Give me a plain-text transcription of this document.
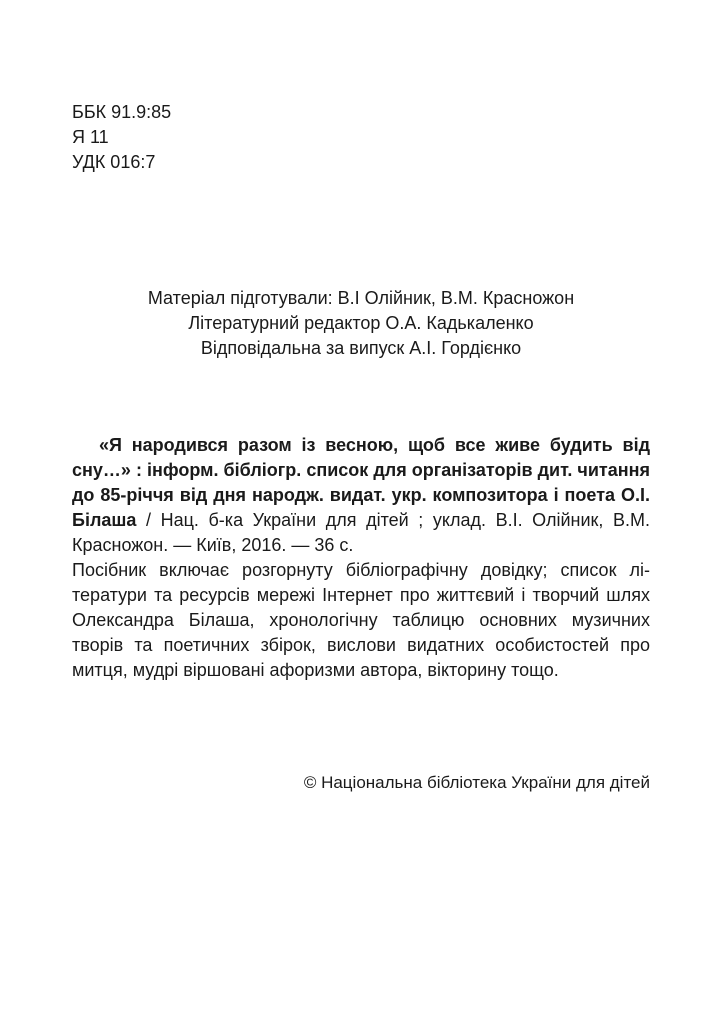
ББК 91.9:85
Я 11
УДК 016:7
Матеріал підготували: В.І Олійник, В.М. Красножон
Літературний редактор О.А. Кадькаленко
Відповідальна за випуск А.І. Гордієнко

«Я народився разом із весною, щоб все живе будить від сну…» : інформ. бібліогр. список для організаторів дит. читання до 85-річчя від дня народж. видат. укр. композитора і поета О.І. Білаша / Нац. б-ка України для дітей ; уклад. В.І. Олійник, В.М. Красножон. — Київ, 2016. — 36 с.

Посібник включає розгорнуту бібліографічну довідку; список літератури та ресурсів мережі Інтернет про життєвий і творчий шлях Олександра Білаша, хронологічну таблицю основних музичних творів та поетичних збірок, вислови видатних особистостей про митця, мудрі віршовані афоризми автора, вікторину тощо.

© Національна бібліотека України для дітей
